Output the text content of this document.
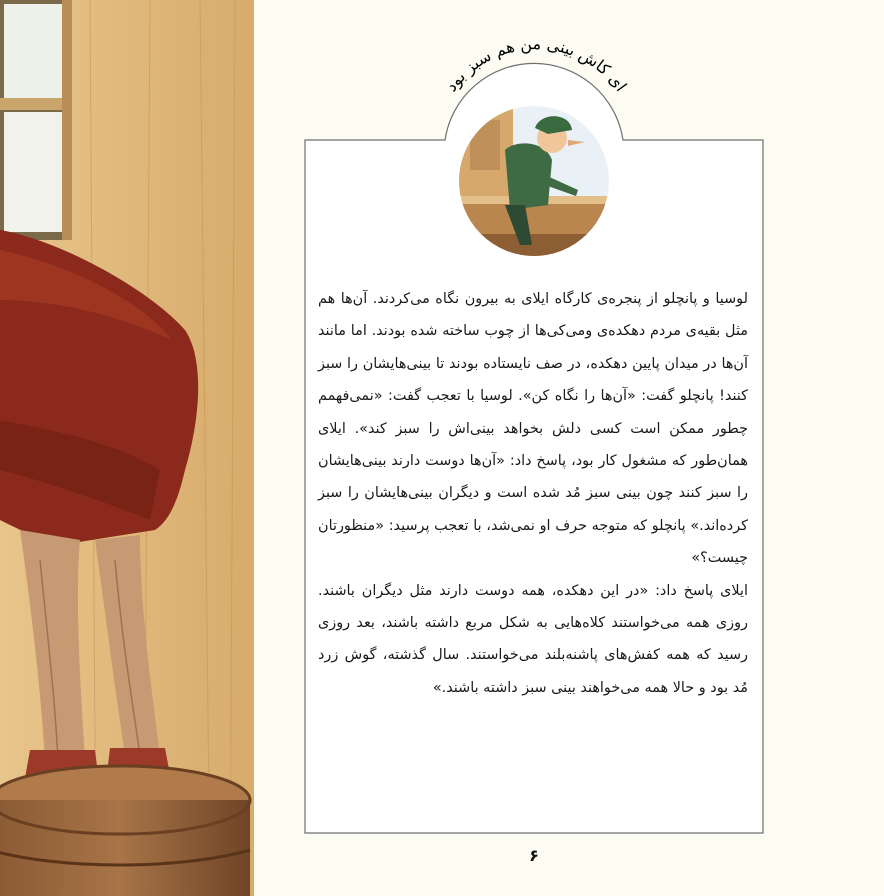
ای کاش بینی من هم سبز بود

لوسیا و پانچلو از پنجره‌ی کارگاه ایلای به بیرون نگاه می‌کردند. آن‌ها هم مثل بقیه‌ی مردم دهکده‌ی ومی‌کی‌ها از چوب ساخته شده بودند. اما مانند آن‌ها در میدان پایین دهکده، در صف نایستاده بودند تا بینی‌هایشان را سبز کنند! پانچلو گفت: «آن‌ها را نگاه کن». لوسیا با تعجب گفت: «نمی‌فهمم چطور ممکن است کسی دلش بخواهد بینی‌اش را سبز کند». ایلای همان‌طور که مشغول کار بود، پاسخ داد: «آن‌ها دوست دارند بینی‌هایشان را سبز کنند چون بینی سبز مُد شده است و دیگران بینی‌هایشان را سبز کرده‌اند.» پانچلو که متوجه حرف او نمی‌شد، با تعجب پرسید: «منظورتان چیست؟»

ایلای پاسخ داد: «در این دهکده، همه دوست دارند مثل دیگران باشند. روزی همه می‌خواستند کلاه‌هایی به شکل مربع داشته باشند، بعد روزی رسید که همه کفش‌های پاشنه‌بلند می‌خواستند. سال گذشته، گوش زرد مُد بود و حالا همه می‌خواهند بینی سبز داشته باشند.»

۶
